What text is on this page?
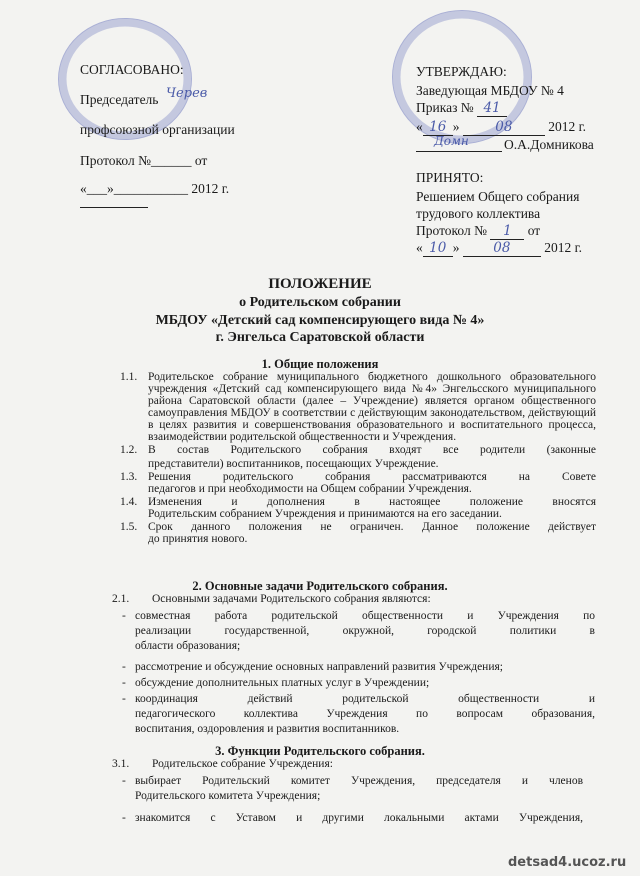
СОГЛАСОВАНО:
Председатель Черев
профсоюзной организации
Протокол №______ от
«___»___________ 2012 г.
УТВЕРЖДАЮ:
Заведующая МБДОУ № 4
Приказ № 41
« 16 » 08 2012 г.
Домн	О.А.Домникова
ПРИНЯТО:
Решением Общего собрания
трудового коллектива
Протокол № 1 от
« 10 » 08 2012 г.
ПОЛОЖЕНИЕ
о Родительском собрании
МБДОУ «Детский сад компенсирующего вида № 4»
г. Энгельса Саратовской области
1. Общие положения
1.1. Родительское собрание муниципального бюджетного дошкольного образовательного
учреждения «Детский сад компенсирующего вида №4» Энгельсского муниципального
района Саратовской области (далее – Учреждение) является органом общественного
самоуправления МБДОУ в соответствии с действующим законодательством, действующий
в целях развития и совершенствования образовательного и воспитательного процесса,
взаимодействии родительской общественности и Учреждения.
1.2. В состав Родительского собрания входят все родители (законные
представители) воспитанников, посещающих Учреждение.
1.3. Решения родительского собрания рассматриваются на Совете
педагогов и при необходимости на Общем собрании Учреждения.
1.4. Изменения и дополнения в настоящее положение вносятся
Родительским собранием Учреждения и принимаются на его заседании.
1.5. Срок данного положения не ограничен. Данное положение действует
до принятия нового.
2. Основные задачи Родительского собрания.
2.1. Основными задачами Родительского собрания являются:
- совместная работа родительской общественности и Учреждения по
реализации государственной, окружной, городской политики в
области образования;
- рассмотрение и обсуждение основных направлений развития Учреждения;
- обсуждение дополнительных платных услуг в Учреждении;
- координация действий родительской общественности и
педагогического коллектива Учреждения по вопросам образования,
воспитания, оздоровления и развития воспитанников.
3. Функции Родительского собрания.
3.1. Родительское собрание Учреждения:
- выбирает Родительский комитет Учреждения, председателя и членов
Родительского комитета Учреждения;
- знакомится с Уставом и другими локальными актами Учреждения,
detsad4.ucoz.ru
